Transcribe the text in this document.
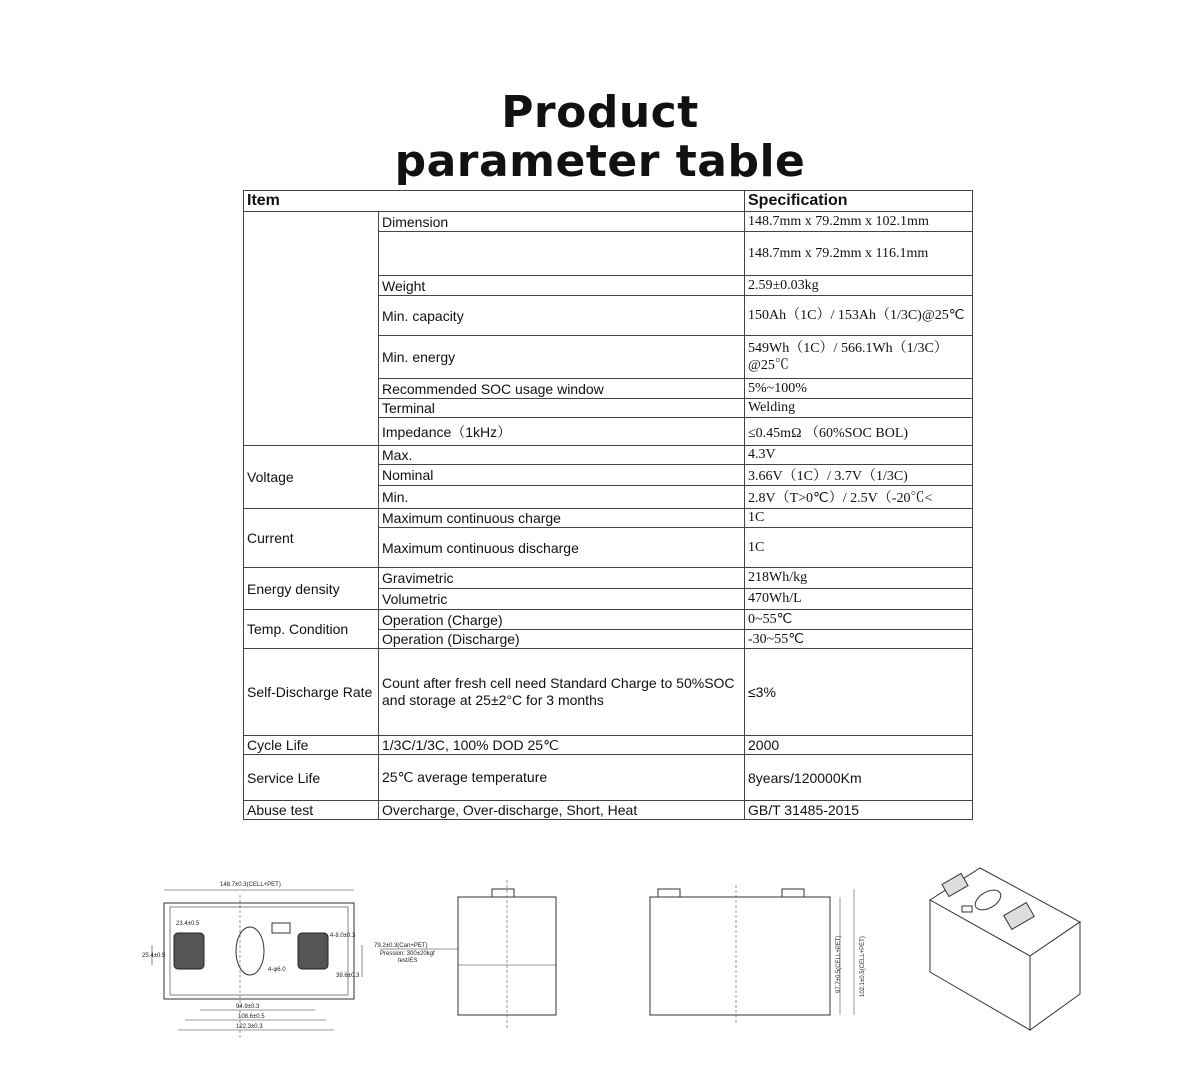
Product
parameter table
Item		Specification
	Dimension	148.7mm x 79.2mm x 102.1mm
		148.7mm x 79.2mm x 116.1mm
	Weight	2.59±0.03kg
	Min. capacity	150Ah（1C）/ 153Ah（1/3C)@25℃
	Min. energy	549Wh（1C）/ 566.1Wh（1/3C）@25℃
	Recommended SOC usage window	5%~100%
	Terminal	Welding
	Impedance（1kHz）	≤0.45mΩ （60%SOC BOL)
Voltage	Max.	4.3V
	Nominal	3.66V（1C）/ 3.7V（1/3C)
	Min.	2.8V（T>0℃）/ 2.5V（-20℃<
Current	Maximum continuous charge	1C
	Maximum continuous discharge	1C
Energy density	Gravimetric	218Wh/kg
	Volumetric	470Wh/L
Temp. Condition	Operation (Charge)	0~55℃
	Operation (Discharge)	-30~55℃
Self-Discharge Rate	Count after fresh cell need Standard Charge to 50%SOC and storage at 25±2°C for 3 months	≤3%
Cycle Life	1/3C/1/3C, 100% DOD 25℃	2000
Service Life	25℃ average temperature	8years/120000Km
Abuse test	Overcharge, Over-discharge, Short, Heat	GB/T 31485-2015
148.7±0.3(CELL+PET)
23.4±0.5
25.4±0.5
4-φ6.0
4-8.0±0.3
39.6±0.3
94.9±0.3
108.6±0.5
122.3±0.3
79.2±0.3(Can+PET)
Pression: 300±20kgf
test/ES	97.7±0.5(CELL+PET)	102.1±0.5(CELL+PET)
